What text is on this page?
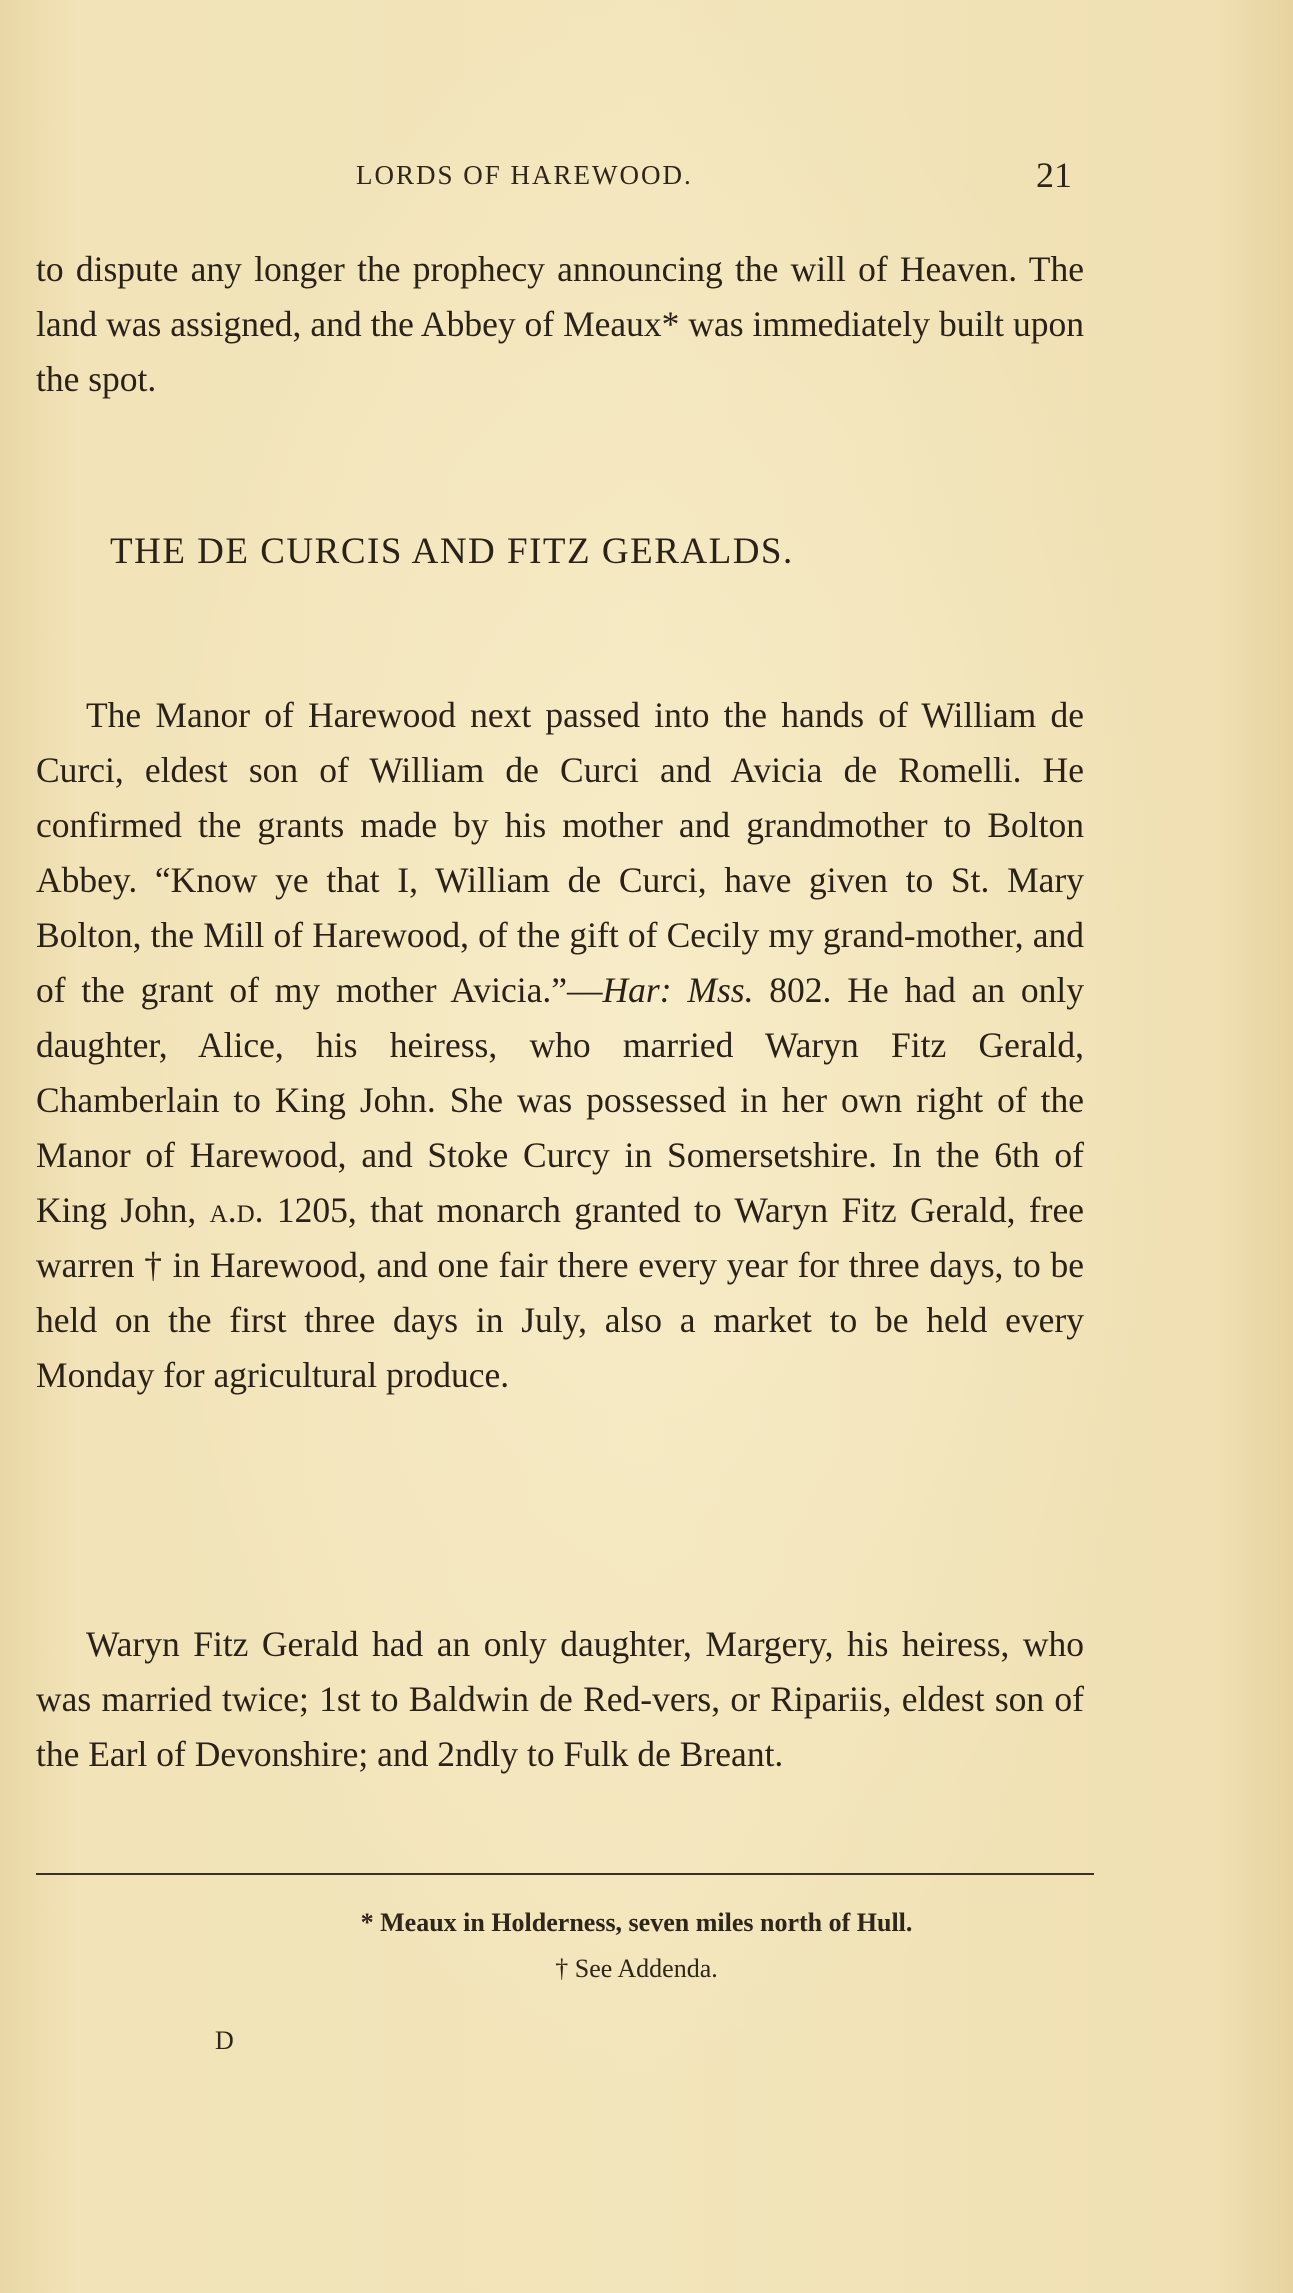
LORDS OF HAREWOOD.	21

to dispute any longer the prophecy announcing the will of Heaven. The land was assigned, and the Abbey of Meaux* was immediately built upon the spot.

THE DE CURCIS AND FITZ GERALDS.

The Manor of Harewood next passed into the hands of William de Curci, eldest son of William de Curci and Avicia de Romelli. He confirmed the grants made by his mother and grandmother to Bolton Abbey. “Know ye that I, William de Curci, have given to St. Mary Bolton, the Mill of Harewood, of the gift of Cecily my grand-mother, and of the grant of my mother Avicia.”—Har: Mss. 802. He had an only daughter, Alice, his heiress, who married Waryn Fitz Gerald, Chamberlain to King John. She was possessed in her own right of the Manor of Harewood, and Stoke Curcy in Somersetshire. In the 6th of King John, a.d. 1205, that monarch granted to Waryn Fitz Gerald, free warren † in Harewood, and one fair there every year for three days, to be held on the first three days in July, also a market to be held every Monday for agricultural produce.

Waryn Fitz Gerald had an only daughter, Margery, his heiress, who was married twice; 1st to Baldwin de Red-vers, or Ripariis, eldest son of the Earl of Devonshire; and 2ndly to Fulk de Breant.

* Meaux in Holderness, seven miles north of Hull.

† See Addenda.

D
